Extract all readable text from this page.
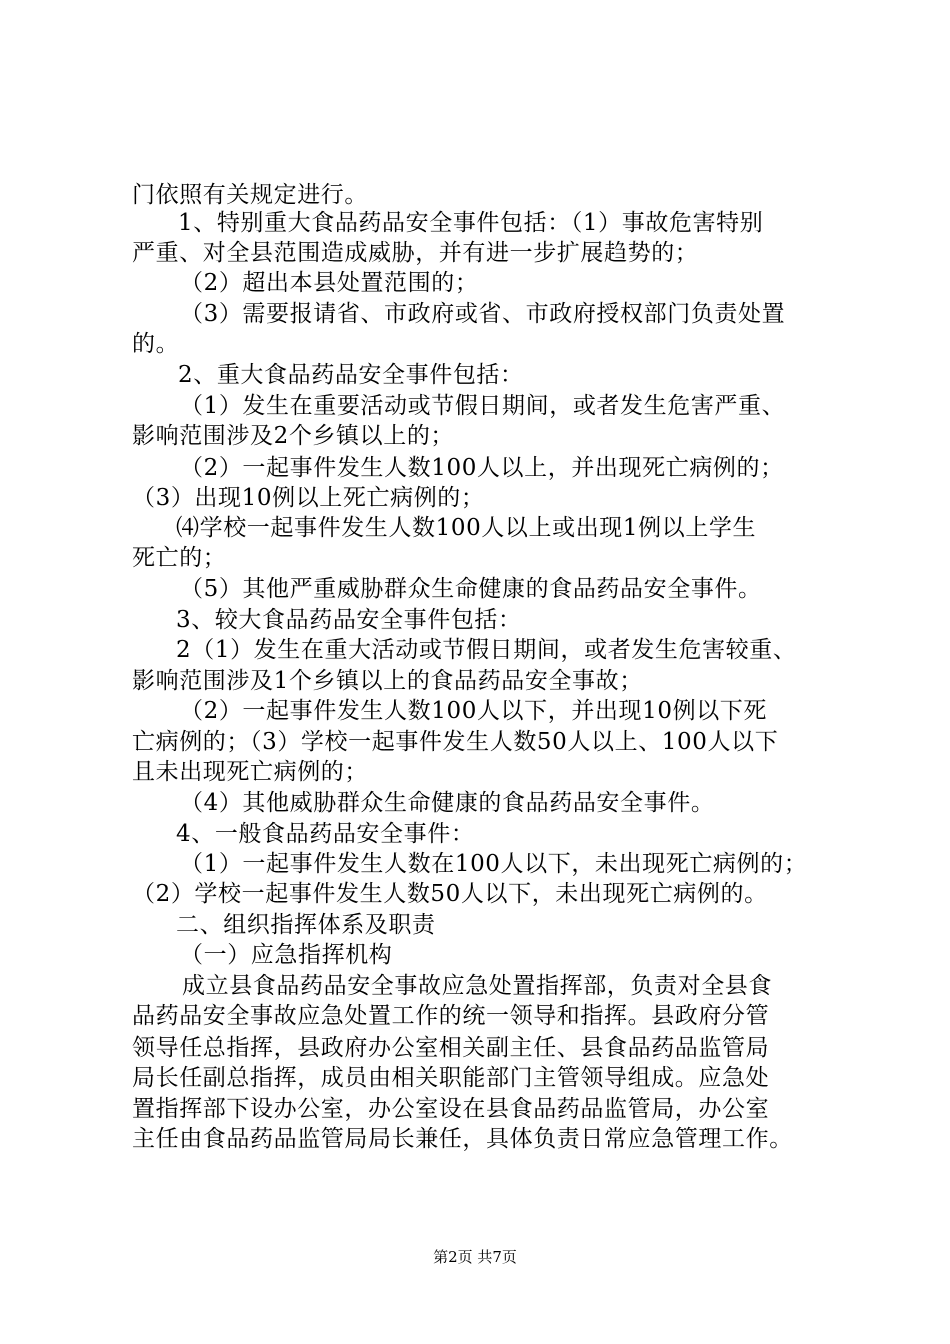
门依照有关规定进行。
1、特别重大食品药品安全事件包括：（1）事故危害特别
严重、对全县范围造成威胁，并有进一步扩展趋势的；
（2）超出本县处置范围的；
（3）需要报请省、市政府或省、市政府授权部门负责处置
的。
2、重大食品药品安全事件包括：
（1）发生在重要活动或节假日期间，或者发生危害严重、
影响范围涉及2个乡镇以上的；
（2）一起事件发生人数100人以上，并出现死亡病例的；
（3）出现10例以上死亡病例的；
⑷学校一起事件发生人数100人以上或出现1例以上学生
死亡的；
（5）其他严重威胁群众生命健康的食品药品安全事件。
3、较大食品药品安全事件包括：
2（1）发生在重大活动或节假日期间，或者发生危害较重、
影响范围涉及1个乡镇以上的食品药品安全事故；
（2）一起事件发生人数100人以下，并出现10例以下死
亡病例的；（3）学校一起事件发生人数50人以上、100人以下
且未出现死亡病例的；
（4）其他威胁群众生命健康的食品药品安全事件。
4、一般食品药品安全事件：
（1）一起事件发生人数在100人以下，未出现死亡病例的；
（2）学校一起事件发生人数50人以下，未出现死亡病例的。
二、组织指挥体系及职责
（一）应急指挥机构
成立县食品药品安全事故应急处置指挥部，负责对全县食
品药品安全事故应急处置工作的统一领导和指挥。县政府分管
领导任总指挥，县政府办公室相关副主任、县食品药品监管局
局长任副总指挥，成员由相关职能部门主管领导组成。应急处
置指挥部下设办公室，办公室设在县食品药品监管局，办公室
主任由食品药品监管局局长兼任，具体负责日常应急管理工作。
第2页 共7页
